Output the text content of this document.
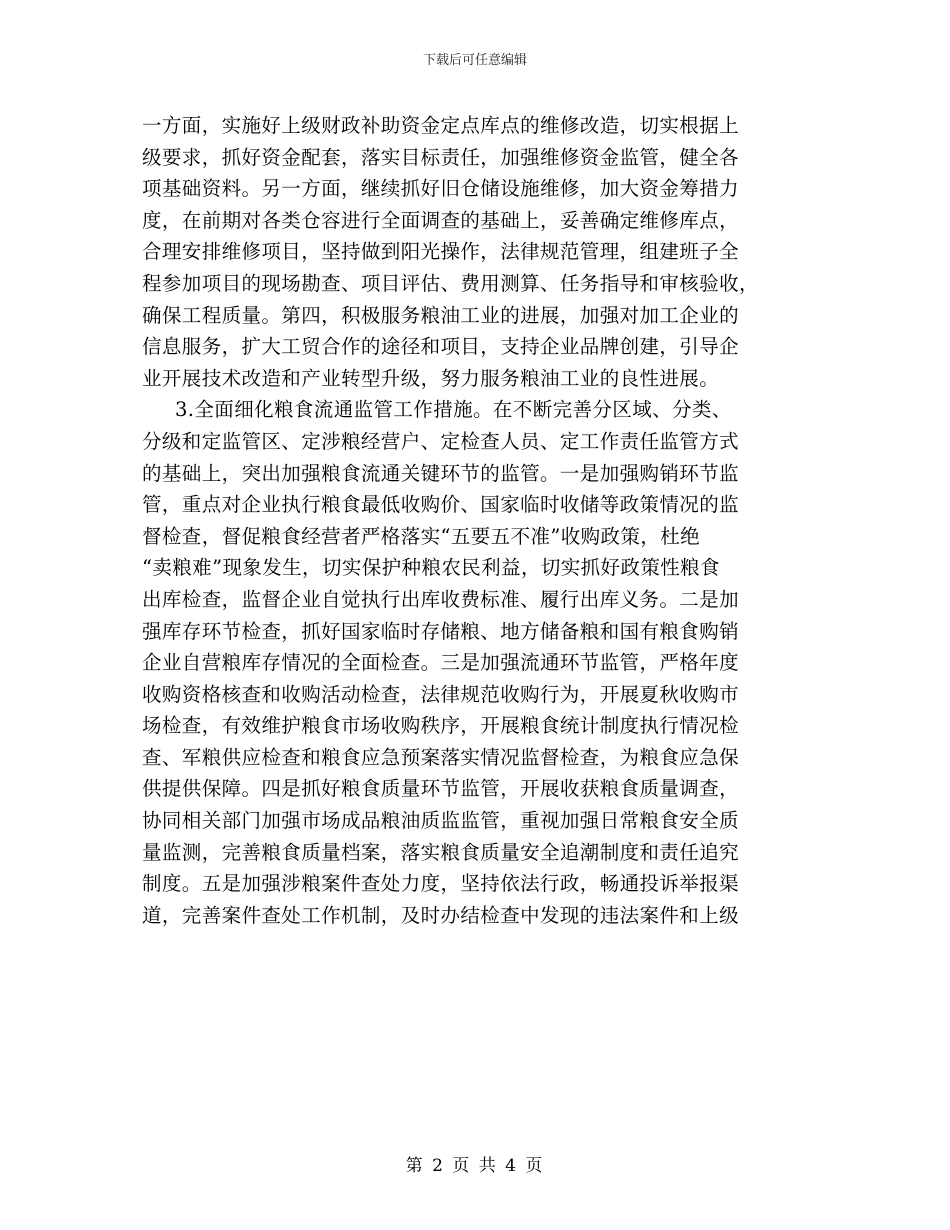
下载后可任意编辑
一方面，实施好上级财政补助资金定点库点的维修改造，切实根据上
级要求，抓好资金配套，落实目标责任，加强维修资金监管，健全各
项基础资料。另一方面，继续抓好旧仓储设施维修，加大资金筹措力
度，在前期对各类仓容进行全面调查的基础上，妥善确定维修库点，
合理安排维修项目，坚持做到阳光操作，法律规范管理，组建班子全
程参加项目的现场勘查、项目评估、费用测算、任务指导和审核验收，
确保工程质量。第四，积极服务粮油工业的进展，加强对加工企业的
信息服务，扩大工贸合作的途径和项目，支持企业品牌创建，引导企
业开展技术改造和产业转型升级，努力服务粮油工业的良性进展。
3.全面细化粮食流通监管工作措施。在不断完善分区域、分类、
分级和定监管区、定涉粮经营户、定检查人员、定工作责任监管方式
的基础上，突出加强粮食流通关键环节的监管。一是加强购销环节监
管，重点对企业执行粮食最低收购价、国家临时收储等政策情况的监
督检查，督促粮食经营者严格落实“五要五不准”收购政策，杜绝
“卖粮难”现象发生，切实保护种粮农民利益，切实抓好政策性粮食
出库检查，监督企业自觉执行出库收费标准、履行出库义务。二是加
强库存环节检查，抓好国家临时存储粮、地方储备粮和国有粮食购销
企业自营粮库存情况的全面检查。三是加强流通环节监管，严格年度
收购资格核查和收购活动检查，法律规范收购行为，开展夏秋收购市
场检查，有效维护粮食市场收购秩序，开展粮食统计制度执行情况检
查、军粮供应检查和粮食应急预案落实情况监督检查，为粮食应急保
供提供保障。四是抓好粮食质量环节监管，开展收获粮食质量调查，
协同相关部门加强市场成品粮油质监监管，重视加强日常粮食安全质
量监测，完善粮食质量档案，落实粮食质量安全追潮制度和责任追究
制度。五是加强涉粮案件查处力度，坚持依法行政，畅通投诉举报渠
道，完善案件查处工作机制，及时办结检查中发现的违法案件和上级
第 2 页 共 4 页
